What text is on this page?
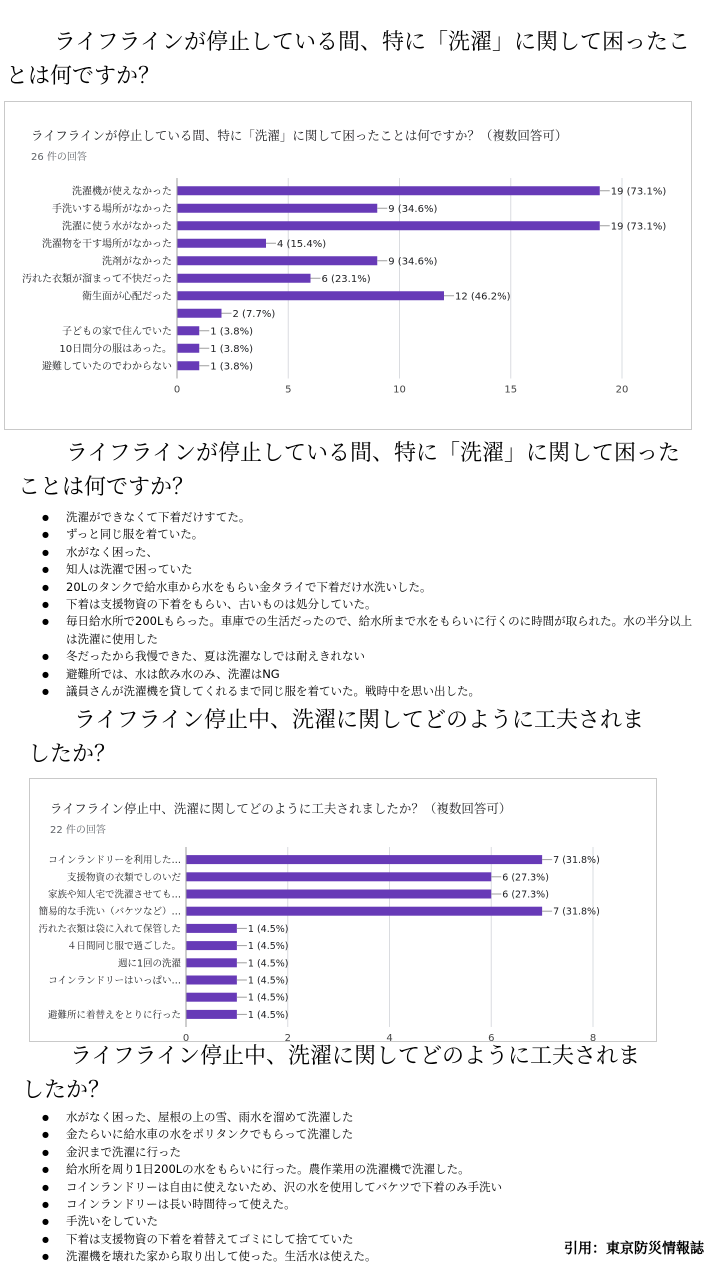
ライフラインが停止している間、特に「洗濯」に関して困ったことは何ですか？
ライフラインが停止している間、特に「洗濯」に関して困ったことは何ですか？（複数回答可）
26 件の回答
0	5	10	15	20
洗濯機が使えなかった	19 (73.1%)
手洗いする場所がなかった	9 (34.6%)
洗濯に使う水がなかった	19 (73.1%)
洗濯物を干す場所がなかった	4 (15.4%)
洗剤がなかった	9 (34.6%)
汚れた衣類が溜まって不快だった	6 (23.1%)
衛生面が心配だった	12 (46.2%)
2 (7.7%)
子どもの家で住んでいた	1 (3.8%)
10日間分の服はあった。	1 (3.8%)
避難していたのでわからない	1 (3.8%)
ライフラインが停止している間、特に「洗濯」に関して困ったことは何ですか？
● 洗濯ができなくて下着だけすてた。
● ずっと同じ服を着ていた。
● 水がなく困った、
● 知人は洗濯で困っていた
● 20Lのタンクで給水車から水をもらい金タライで下着だけ水洗いした。
● 下着は支援物資の下着をもらい、古いものは処分していた。
● 毎日給水所で200Lもらった。車庫での生活だったので、給水所まで水をもらいに行くのに時間が取られた。水の半分以上は洗濯に使用した
● 冬だったから我慢できた、夏は洗濯なしでは耐えきれない
● 避難所では、水は飲み水のみ、洗濯はNG
● 議員さんが洗濯機を貸してくれるまで同じ服を着ていた。戦時中を思い出した。
ライフライン停止中、洗濯に関してどのように工夫されましたか？
ライフライン停止中、洗濯に関してどのように工夫されましたか？（複数回答可）
22 件の回答
0	2	4	6	8
コインランドリーを利用した…	7 (31.8%)
支援物資の衣類でしのいだ	6 (27.3%)
家族や知人宅で洗濯させても…	6 (27.3%)
簡易的な手洗い（バケツなど）…	7 (31.8%)
汚れた衣類は袋に入れて保管した	1 (4.5%)
４日間同じ服で過ごした。	1 (4.5%)
週に1回の洗濯	1 (4.5%)
コインランドリーはいっぱい…	1 (4.5%)
1 (4.5%)
避難所に着替えをとりに行った	1 (4.5%)
ライフライン停止中、洗濯に関してどのように工夫されましたか？
● 水がなく困った、屋根の上の雪、雨水を溜めて洗濯した
● 金たらいに給水車の水をポリタンクでもらって洗濯した
● 金沢まで洗濯に行った
● 給水所を周り1日200Lの水をもらいに行った。農作業用の洗濯機で洗濯した。
● コインランドリーは自由に使えないため、沢の水を使用してバケツで下着のみ手洗い
● コインランドリーは長い時間待って使えた。
● 手洗いをしていた
● 下着は支援物資の下着を着替えてゴミにして捨てていた
● 洗濯機を壊れた家から取り出して使った。生活水は使えた。	引用：東京防災情報誌
